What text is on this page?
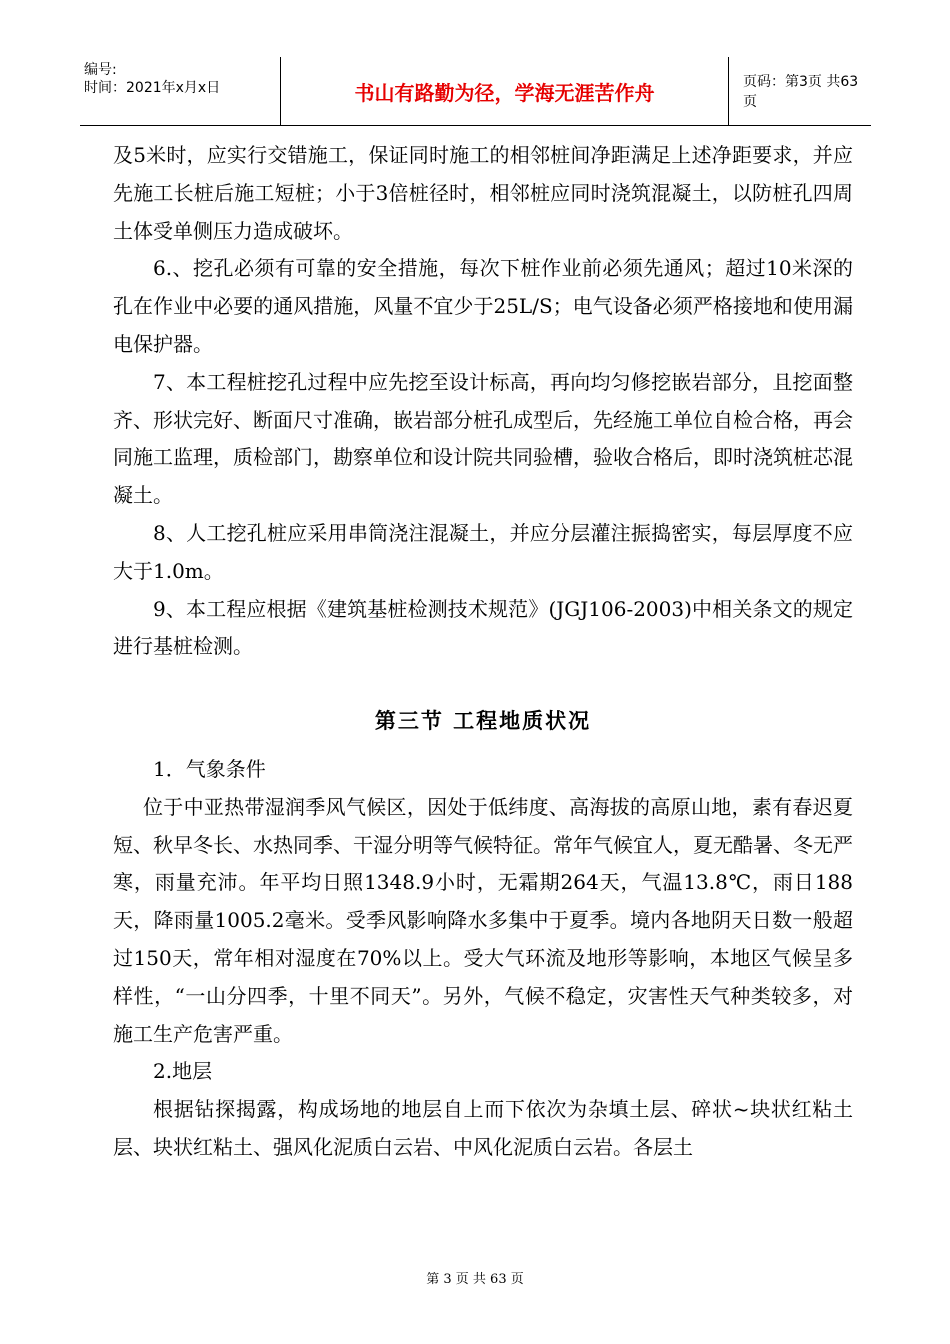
编号:
时间：2021年x月x日	书山有路勤为径，学海无涯苦作舟	页码：第3页 共63页

及5米时，应实行交错施工，保证同时施工的相邻桩间净距满足上述净距要求，并应先施工长桩后施工短桩；小于3倍桩径时，相邻桩应同时浇筑混凝土，以防桩孔四周土体受单侧压力造成破坏。

6.、挖孔必须有可靠的安全措施，每次下桩作业前必须先通风；超过10米深的孔在作业中必要的通风措施，风量不宜少于25L/S；电气设备必须严格接地和使用漏电保护器。

7、本工程桩挖孔过程中应先挖至设计标高，再向均匀修挖嵌岩部分，且挖面整齐、形状完好、断面尺寸准确，嵌岩部分桩孔成型后，先经施工单位自检合格，再会同施工监理，质检部门，勘察单位和设计院共同验槽，验收合格后，即时浇筑桩芯混凝土。

8、人工挖孔桩应采用串筒浇注混凝土，并应分层灌注振捣密实，每层厚度不应大于1.0m。

9、本工程应根据《建筑基桩检测技术规范》(JGJ106-2003)中相关条文的规定进行基桩检测。

第三节 工程地质状况

1．气象条件

位于中亚热带湿润季风气候区，因处于低纬度、高海拔的高原山地，素有春迟夏短、秋早冬长、水热同季、干湿分明等气候特征。常年气候宜人，夏无酷暑、冬无严寒，雨量充沛。年平均日照1348.9小时，无霜期264天，气温13.8℃，雨日188天，降雨量1005.2毫米。受季风影响降水多集中于夏季。境内各地阴天日数一般超过150天，常年相对湿度在70%以上。受大气环流及地形等影响，本地区气候呈多样性，“一山分四季，十里不同天”。另外，气候不稳定，灾害性天气种类较多，对施工生产危害严重。

2.地层

根据钻探揭露，构成场地的地层自上而下依次为杂填土层、碎状~块状红粘土层、块状红粘土、强风化泥质白云岩、中风化泥质白云岩。各层土

第 3 页 共 63 页
